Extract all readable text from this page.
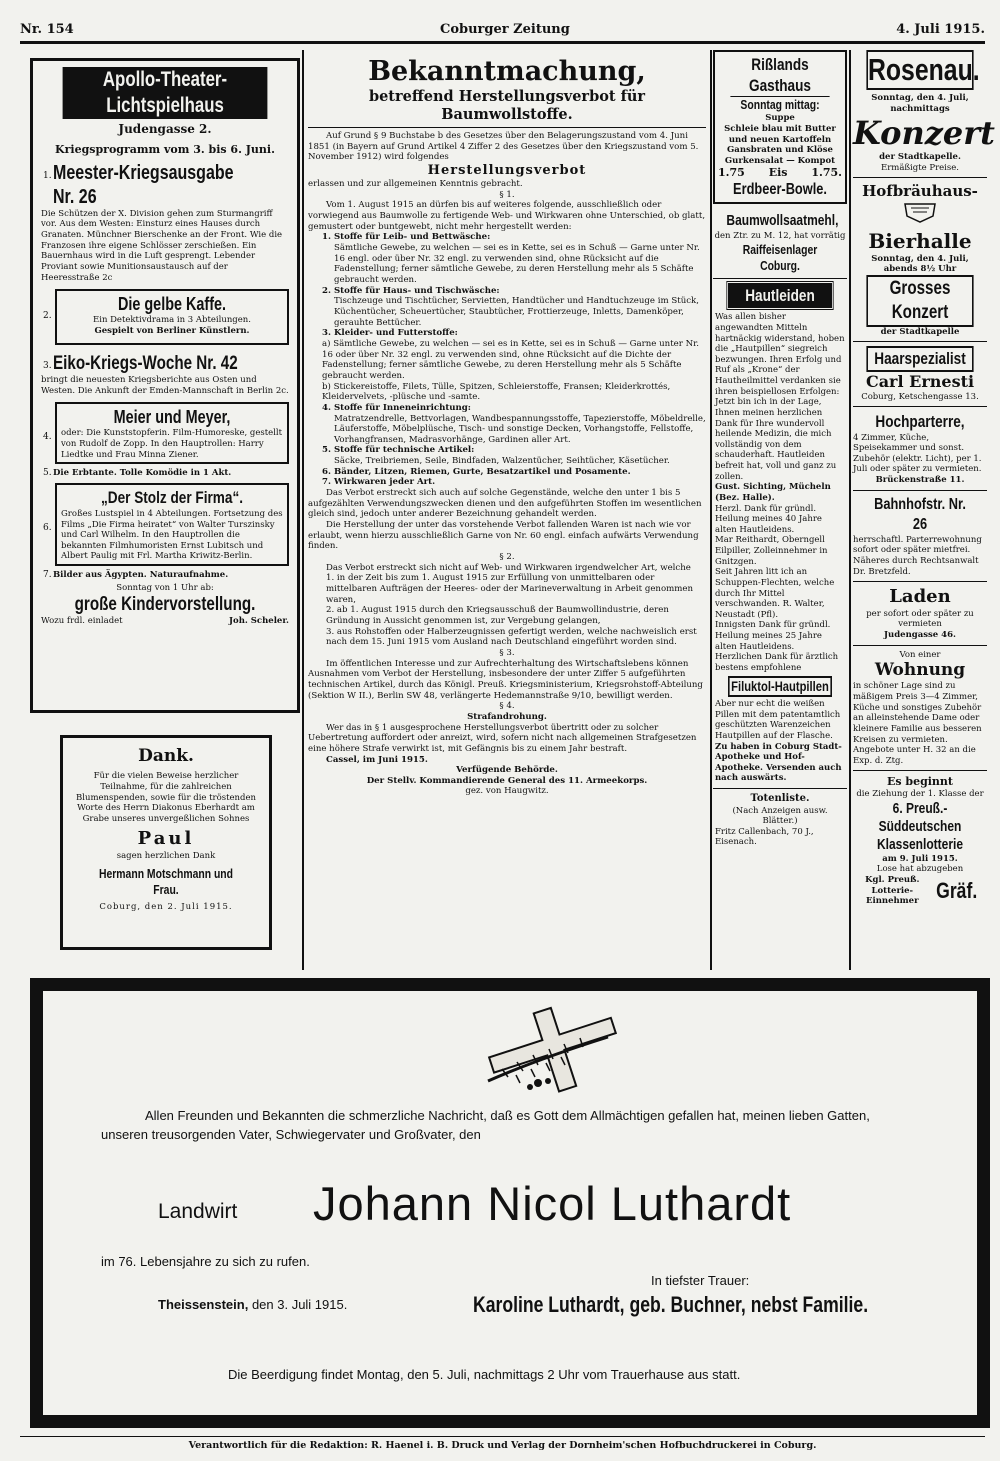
Nr. 154	Coburger Zeitung	4. Juli 1915.
Apollo-Theater-Lichtspielhaus
Judengasse 2.
Kriegsprogramm vom 3. bis 6. Juni.
1. Meester-Kriegsausgabe Nr. 26

Die Schützen der X. Division gehen zum Sturmangriff vor. Aus dem Westen: Einsturz eines Hauses durch Granaten. Münchner Bierschenke an der Front. Wie die Franzosen ihre eigene Schlösser zerschießen. Ein Bauernhaus wird in die Luft gesprengt. Lebender Proviant sowie Munitionsaustausch auf der Heeresstraße 2c

2.
Die gelbe Kaffe.
Ein Detektivdrama in 3 Abteilungen.
Gespielt von Berliner Künstlern.
3. Eiko-Kriegs-Woche Nr. 42

bringt die neuesten Kriegsberichte aus Osten und Westen. Die Ankunft der Emden-Mannschaft in Berlin 2c.

4.
Meier und Meyer,

oder: Die Kunststopferin. Film-Humoreske, gestellt von Rudolf de Zopp. In den Hauptrollen: Harry Liedtke und Frau Minna Ziener.

5. Die Erbtante. Tolle Komödie in 1 Akt.

6.
„Der Stolz der Firma“.

Großes Lustspiel in 4 Abteilungen. Fortsetzung des Films „Die Firma heiratet“ von Walter Turszinsky und Carl Wilhelm. In den Hauptrollen die bekannten Filmhumoristen Ernst Lubitsch und Albert Paulig mit Frl. Martha Kriwitz-Berlin.

7. Bilder aus Ägypten. Naturaufnahme.

Sonntag von 1 Uhr ab:
große Kindervorstellung.
Wozu frdl. einladet	Joh. Scheler.
Dank.

Für die vielen Beweise herzlicher Teilnahme, für die zahlreichen Blumenspenden, sowie für die tröstenden Worte des Herrn Diakonus Eberhardt am Grabe unseres unvergeßlichen Sohnes

Paul
sagen herzlichen Dank
Hermann Motschmann und Frau.
Coburg, den 2. Juli 1915.
Bekanntmachung,
betreffend Herstellungsverbot für Baumwollstoffe.

Auf Grund § 9 Buchstabe b des Gesetzes über den Belagerungszustand vom 4. Juni 1851 (in Bayern auf Grund Artikel 4 Ziffer 2 des Gesetzes über den Kriegszustand vom 5. November 1912) wird folgendes

Herstellungsverbot

erlassen und zur allgemeinen Kenntnis gebracht.

§ 1.

Vom 1. August 1915 an dürfen bis auf weiteres folgende, ausschließlich oder vorwiegend aus Baumwolle zu fertigende Web- und Wirkwaren ohne Unterschied, ob glatt, gemustert oder buntgewebt, nicht mehr hergestellt werden:

1. Stoffe für Leib- und Bettwäsche:

Sämtliche Gewebe, zu welchen — sei es in Kette, sei es in Schuß — Garne unter Nr. 16 engl. oder über Nr. 32 engl. zu verwenden sind, ohne Rücksicht auf die Fadenstellung; ferner sämtliche Gewebe, zu deren Herstellung mehr als 5 Schäfte gebraucht werden.

2. Stoffe für Haus- und Tischwäsche:

Tischzeuge und Tischtücher, Servietten, Handtücher und Handtuchzeuge im Stück, Küchentücher, Scheuertücher, Staubtücher, Frottierzeuge, Inletts, Damenköper, gerauhte Bettücher.

3. Kleider- und Futterstoffe:

a) Sämtliche Gewebe, zu welchen — sei es in Kette, sei es in Schuß — Garne unter Nr. 16 oder über Nr. 32 engl. zu verwenden sind, ohne Rücksicht auf die Dichte der Fadenstellung; ferner sämtliche Gewebe, zu deren Herstellung mehr als 5 Schäfte gebraucht werden.

b) Stickereistoffe, Filets, Tülle, Spitzen, Schleierstoffe, Fransen; Kleiderkrottés, Kleidervelvets, -plüsche und -samte.

4. Stoffe für Inneneinrichtung:

Matratzendrelle, Bettvorlagen, Wandbespannungsstoffe, Tapezierstoffe, Möbeldrelle, Läuferstoffe, Möbelplüsche, Tisch- und sonstige Decken, Vorhangstoffe, Fellstoffe, Vorhangfransen, Madrasvorhänge, Gardinen aller Art.

5. Stoffe für technische Artikel:

Säcke, Treibriemen, Seile, Bindfaden, Walzentücher, Seihtücher, Käsetücher.

6. Bänder, Litzen, Riemen, Gurte, Besatzartikel und Posamente.

7. Wirkwaren jeder Art.

Das Verbot erstreckt sich auch auf solche Gegenstände, welche den unter 1 bis 5 aufgezählten Verwendungszwecken dienen und den aufgeführten Stoffen im wesentlichen gleich sind, jedoch unter anderer Bezeichnung gehandelt werden.

Die Herstellung der unter das vorstehende Verbot fallenden Waren ist nach wie vor erlaubt, wenn hierzu ausschließlich Garne von Nr. 60 engl. einfach aufwärts Verwendung finden.

§ 2.

Das Verbot erstreckt sich nicht auf Web- und Wirkwaren irgendwelcher Art, welche

1. in der Zeit bis zum 1. August 1915 zur Erfüllung von unmittelbaren oder mittelbaren Aufträgen der Heeres- oder der Marineverwaltung in Arbeit genommen waren,

2. ab 1. August 1915 durch den Kriegsausschuß der Baumwollindustrie, deren Gründung in Aussicht genommen ist, zur Vergebung gelangen,

3. aus Rohstoffen oder Halberzeugnissen gefertigt werden, welche nachweislich erst nach dem 15. Juni 1915 vom Ausland nach Deutschland eingeführt worden sind.

§ 3.

Im öffentlichen Interesse und zur Aufrechterhaltung des Wirtschaftslebens können Ausnahmen vom Verbot der Herstellung, insbesondere der unter Ziffer 5 aufgeführten technischen Artikel, durch das Königl. Preuß. Kriegsministerium, Kriegsrohstoff-Abteilung (Sektion W II.), Berlin SW 48, verlängerte Hedemannstraße 9/10, bewilligt werden.

§ 4.
Strafandrohung.

Wer das in § 1 ausgesprochene Herstellungsverbot übertritt oder zu solcher Uebertretung auffordert oder anreizt, wird, sofern nicht nach allgemeinen Strafgesetzen eine höhere Strafe verwirkt ist, mit Gefängnis bis zu einem Jahr bestraft.

Cassel, im Juni 1915.

Verfügende Behörde.
Der Stellv. Kommandierende General des 11. Armeekorps.
gez. von Haugwitz.
Rißlands Gasthaus
Sonntag mittag:
Suppe
Schleie blau mit Butter und neuen Kartoffeln
Gansbraten und Klöse
Gurkensalat — Kompot
1.75 Eis 1.75.
Erdbeer-Bowle.
Baumwollsaatmehl,
den Ztr. zu M. 12, hat vorrätig
Raiffeisenlager Coburg.
Hautleiden

Was allen bisher angewandten Mitteln hartnäckig widerstand, hoben die „Hautpillen“ siegreich bezwungen. Ihren Erfolg und Ruf als „Krone“ der Hautheilmittel verdanken sie ihren beispiellosen Erfolgen: Jetzt bin ich in der Lage, Ihnen meinen herzlichen Dank für Ihre wundervoll heilende Medizin, die mich vollständig von dem schauderhaft. Hautleiden befreit hat, voll und ganz zu zollen.

Gust. Sichting, Mücheln (Bez. Halle).

Herzl. Dank für gründl. Heilung meines 40 Jahre alten Hautleidens.

Mar Reithardt, Oberngell

Eilpiller, Zolleinnehmer in Gnitzgen.

Seit Jahren litt ich an Schuppen-Flechten, welche durch Ihr Mittel verschwanden. R. Walter, Neustadt (Pfl).

Innigsten Dank für gründl. Heilung meines 25 Jahre alten Hautleidens.

Herzlichen Dank für ärztlich bestens empfohlene

Filuktol-Hautpillen

Aber nur echt die weißen Pillen mit dem patentamtlich geschützten Warenzeichen Hautpillen auf der Flasche.

Zu haben in Coburg Stadt-Apotheke und Hof-Apotheke. Versenden auch nach auswärts.

Totenliste.
(Nach Anzeigen ausw. Blätter.)

Fritz Callenbach, 70 J., Eisenach.

Rosenau.
Sonntag, den 4. Juli, nachmittags
Konzert
der Stadtkapelle.
Ermäßigte Preise.
Hofbräuhaus-
Bierhalle
Sonntag, den 4. Juli, abends 8½ Uhr
Grosses Konzert
der Stadtkapelle
Haarspezialist
Carl Ernesti
Coburg, Ketschengasse 13.
Hochparterre,

4 Zimmer, Küche, Speisekammer und sonst. Zubehör (elektr. Licht), per 1. Juli oder später zu vermieten.

Brückenstraße 11.
Bahnhofstr. Nr. 26

herrschaftl. Parterrewohnung sofort oder später mietfrei. Näheres durch Rechtsanwalt Dr. Bretzfeld.

Laden
per sofort oder später zu vermieten
Judengasse 46.
Von einer
Wohnung

in schöner Lage sind zu mäßigem Preis 3—4 Zimmer, Küche und sonstiges Zubehör an alleinstehende Dame oder kleinere Familie aus besseren Kreisen zu vermieten. Angebote unter H. 32 an die Exp. d. Ztg.

Es beginnt
die Ziehung der 1. Klasse der
6. Preuß.-Süddeutschen Klassenlotterie
am 9. Juli 1915.
Lose hat abzugeben
Kgl. Preuß. Lotterie-Einnehmer Gräf.
Allen Freunden und Bekannten die schmerzliche Nachricht, daß es Gott dem Allmächtigen gefallen hat, meinen lieben Gatten,
unseren treusorgenden Vater, Schwiegervater und Großvater, den
Landwirt Johann Nicol Luthardt
im 76. Lebensjahre zu sich zu rufen.
In tiefster Trauer:
Theissenstein, den 3. Juli 1915.	Karoline Luthardt, geb. Buchner, nebst Familie.
Die Beerdigung findet Montag, den 5. Juli, nachmittags 2 Uhr vom Trauerhause aus statt.
Verantwortlich für die Redaktion: R. Haenel i. B. Druck und Verlag der Dornheim'schen Hofbuchdruckerei in Coburg.
